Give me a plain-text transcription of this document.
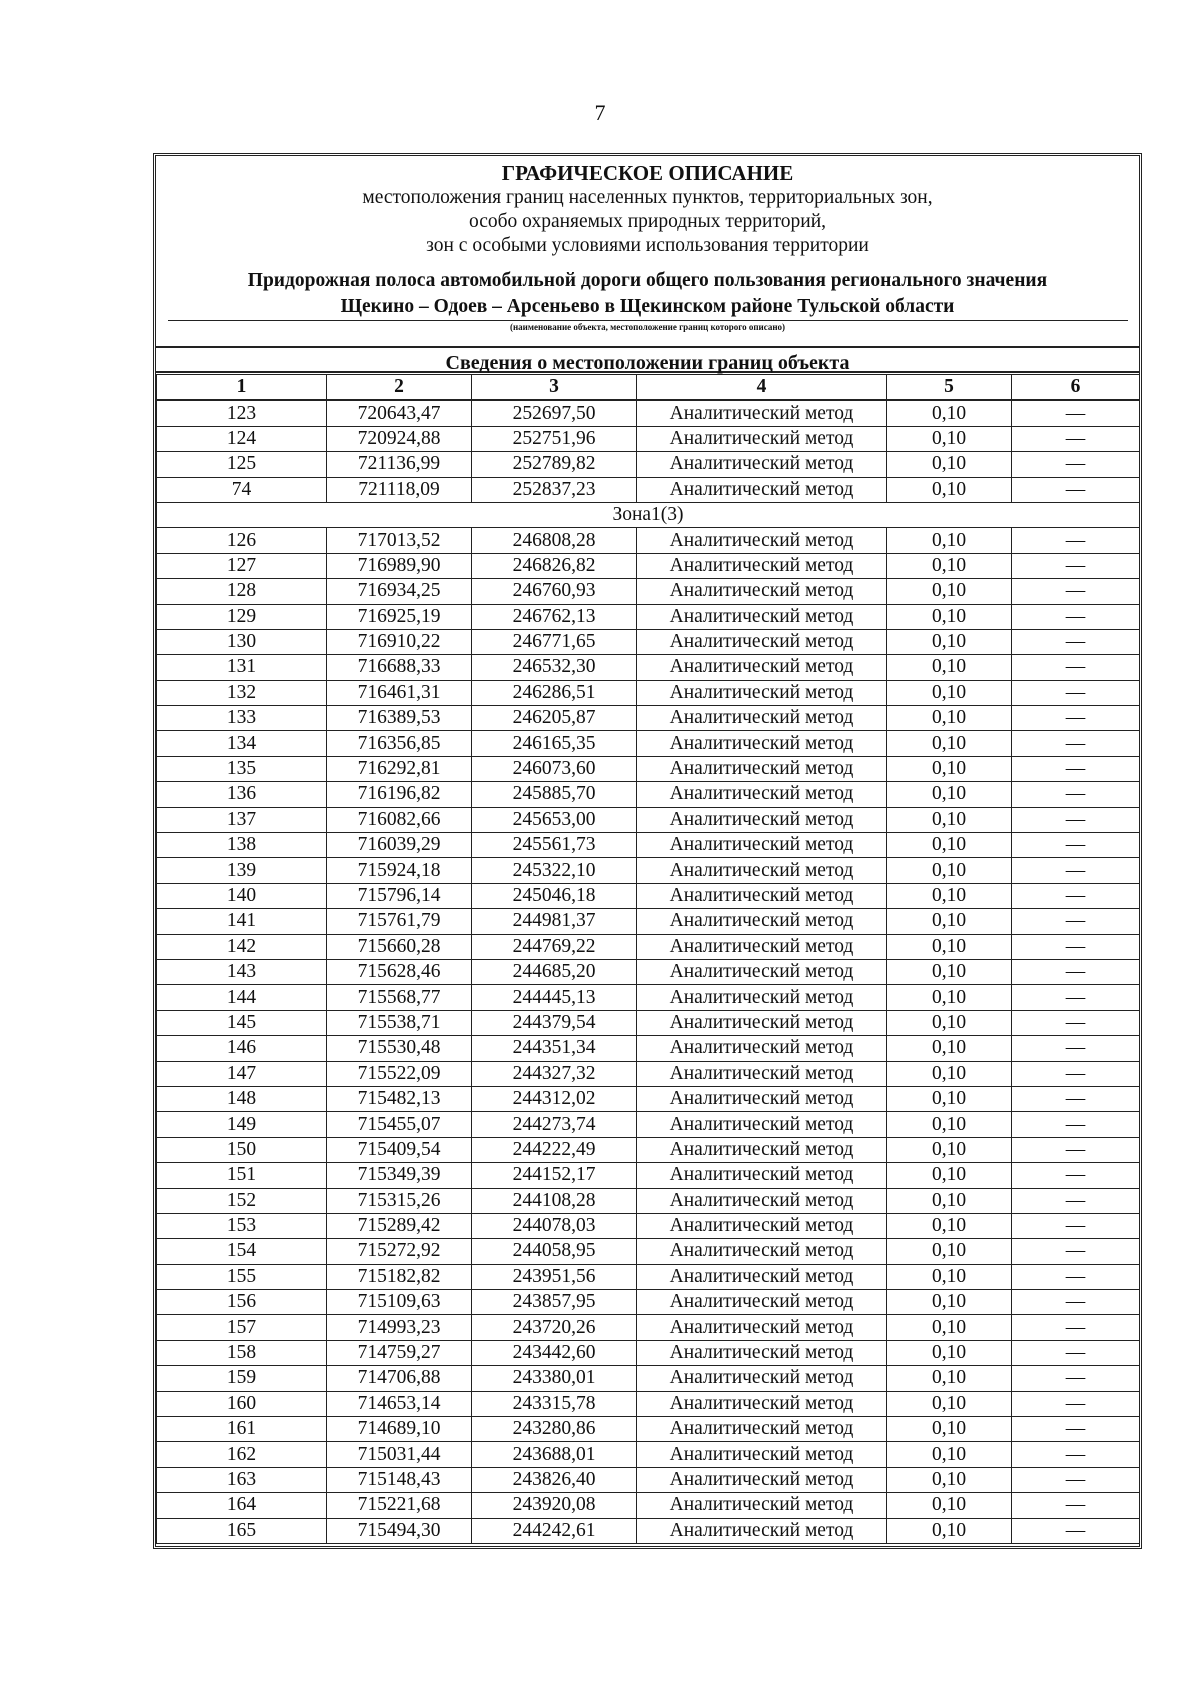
7
ГРАФИЧЕСКОЕ ОПИСАНИЕ
местоположения границ населенных пунктов, территориальных зон,
особо охраняемых природных территорий,
зон с особыми условиями использования территории
Придорожная полоса автомобильной дороги общего пользования регионального значения
Щекино – Одоев – Арсеньево в Щекинском районе Тульской области
(наименование объекта, местоположение границ которого описано)
Сведения о местоположении границ объекта
1	2	3	4	5	6
123	720643,47	252697,50	Аналитический метод	0,10	—
124	720924,88	252751,96	Аналитический метод	0,10	—
125	721136,99	252789,82	Аналитический метод	0,10	—
74	721118,09	252837,23	Аналитический метод	0,10	—
Зона1(3)					
126	717013,52	246808,28	Аналитический метод	0,10	—
127	716989,90	246826,82	Аналитический метод	0,10	—
128	716934,25	246760,93	Аналитический метод	0,10	—
129	716925,19	246762,13	Аналитический метод	0,10	—
130	716910,22	246771,65	Аналитический метод	0,10	—
131	716688,33	246532,30	Аналитический метод	0,10	—
132	716461,31	246286,51	Аналитический метод	0,10	—
133	716389,53	246205,87	Аналитический метод	0,10	—
134	716356,85	246165,35	Аналитический метод	0,10	—
135	716292,81	246073,60	Аналитический метод	0,10	—
136	716196,82	245885,70	Аналитический метод	0,10	—
137	716082,66	245653,00	Аналитический метод	0,10	—
138	716039,29	245561,73	Аналитический метод	0,10	—
139	715924,18	245322,10	Аналитический метод	0,10	—
140	715796,14	245046,18	Аналитический метод	0,10	—
141	715761,79	244981,37	Аналитический метод	0,10	—
142	715660,28	244769,22	Аналитический метод	0,10	—
143	715628,46	244685,20	Аналитический метод	0,10	—
144	715568,77	244445,13	Аналитический метод	0,10	—
145	715538,71	244379,54	Аналитический метод	0,10	—
146	715530,48	244351,34	Аналитический метод	0,10	—
147	715522,09	244327,32	Аналитический метод	0,10	—
148	715482,13	244312,02	Аналитический метод	0,10	—
149	715455,07	244273,74	Аналитический метод	0,10	—
150	715409,54	244222,49	Аналитический метод	0,10	—
151	715349,39	244152,17	Аналитический метод	0,10	—
152	715315,26	244108,28	Аналитический метод	0,10	—
153	715289,42	244078,03	Аналитический метод	0,10	—
154	715272,92	244058,95	Аналитический метод	0,10	—
155	715182,82	243951,56	Аналитический метод	0,10	—
156	715109,63	243857,95	Аналитический метод	0,10	—
157	714993,23	243720,26	Аналитический метод	0,10	—
158	714759,27	243442,60	Аналитический метод	0,10	—
159	714706,88	243380,01	Аналитический метод	0,10	—
160	714653,14	243315,78	Аналитический метод	0,10	—
161	714689,10	243280,86	Аналитический метод	0,10	—
162	715031,44	243688,01	Аналитический метод	0,10	—
163	715148,43	243826,40	Аналитический метод	0,10	—
164	715221,68	243920,08	Аналитический метод	0,10	—
165	715494,30	244242,61	Аналитический метод	0,10	—
